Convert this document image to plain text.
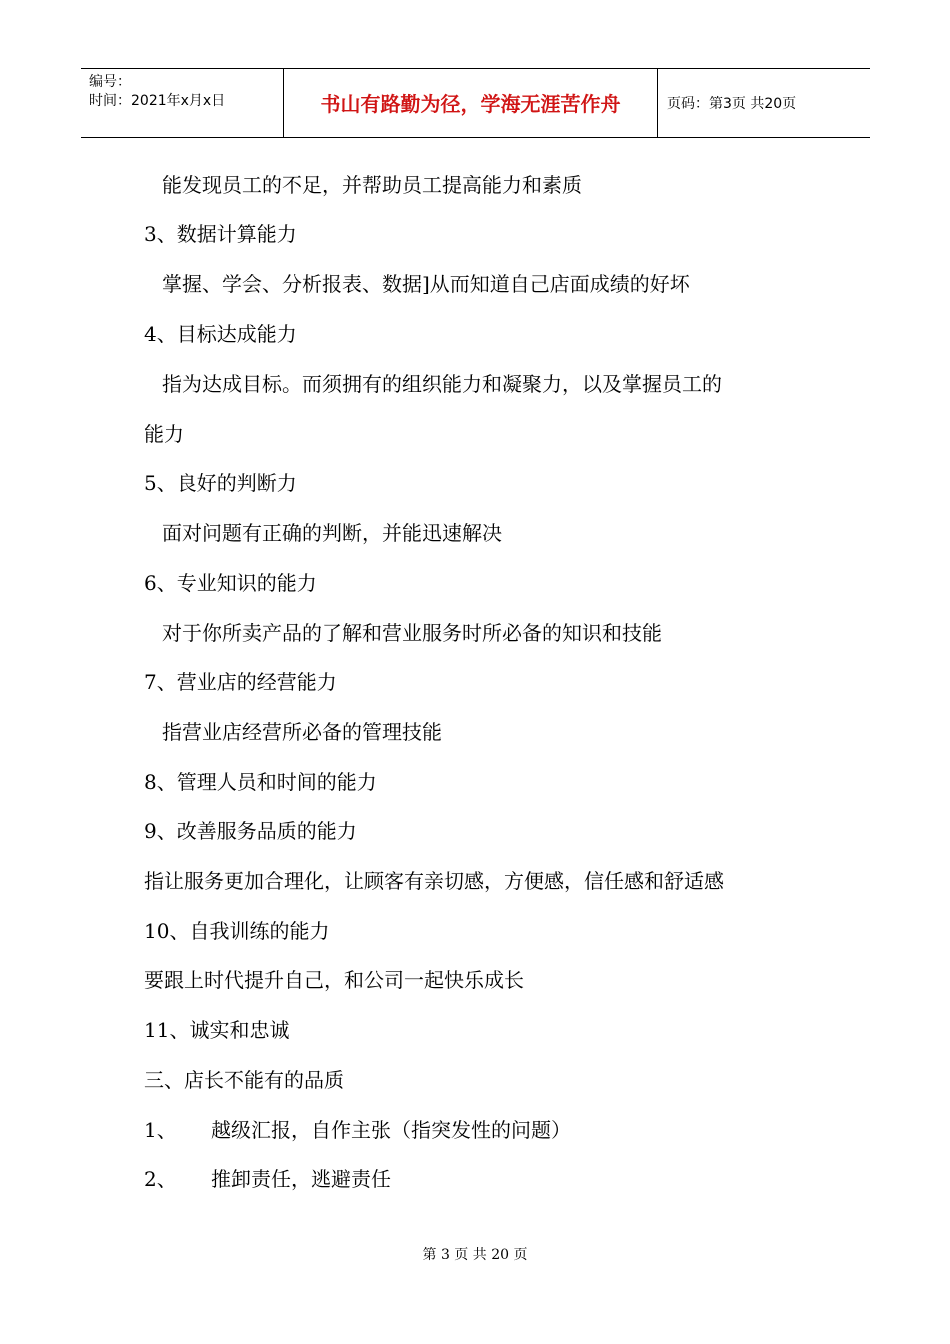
编号：
时间：2021年x月x日	书山有路勤为径，学海无涯苦作舟	页码：第3页 共20页
能发现员工的不足，并帮助员工提高能力和素质
3、数据计算能力
掌握、学会、分析报表、数据]从而知道自己店面成绩的好坏
4、目标达成能力
指为达成目标。而须拥有的组织能力和凝聚力，以及掌握员工的
能力
5、良好的判断力
面对问题有正确的判断，并能迅速解决
6、专业知识的能力
对于你所卖产品的了解和营业服务时所必备的知识和技能
7、营业店的经营能力
指营业店经营所必备的管理技能
8、管理人员和时间的能力
9、改善服务品质的能力
指让服务更加合理化，让顾客有亲切感，方便感，信任感和舒适感
10、自我训练的能力
要跟上时代提升自己，和公司一起快乐成长
11、诚实和忠诚
三、店长不能有的品质
1、 越级汇报，自作主张（指突发性的问题）
2、 推卸责任，逃避责任
第 3 页 共 20 页
